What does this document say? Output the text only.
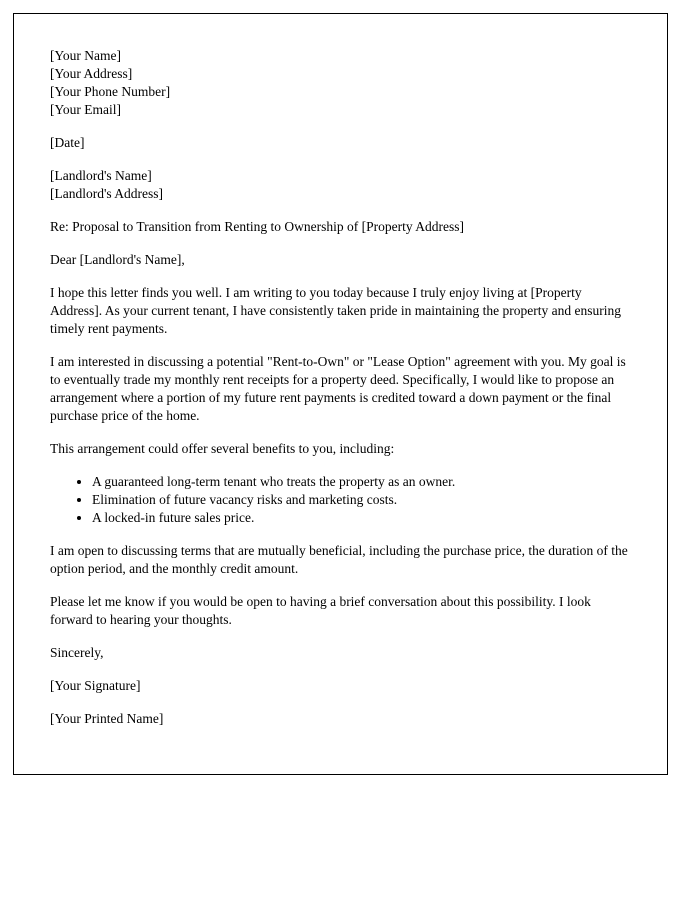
[Your Name]

[Your Address]

[Your Phone Number]

[Your Email]

[Date]

[Landlord's Name]

[Landlord's Address]

Re: Proposal to Transition from Renting to Ownership of [Property Address]

Dear [Landlord's Name],

I hope this letter finds you well. I am writing to you today because I truly enjoy living at [Property Address]. As your current tenant, I have consistently taken pride in maintaining the property and ensuring timely rent payments.

I am interested in discussing a potential "Rent-to-Own" or "Lease Option" agreement with you. My goal is to eventually trade my monthly rent receipts for a property deed. Specifically, I would like to propose an arrangement where a portion of my future rent payments is credited toward a down payment or the final purchase price of the home.

This arrangement could offer several benefits to you, including:

• A guaranteed long-term tenant who treats the property as an owner.
• Elimination of future vacancy risks and marketing costs.
• A locked-in future sales price.

I am open to discussing terms that are mutually beneficial, including the purchase price, the duration of the option period, and the monthly credit amount.

Please let me know if you would be open to having a brief conversation about this possibility. I look forward to hearing your thoughts.

Sincerely,

[Your Signature]

[Your Printed Name]
